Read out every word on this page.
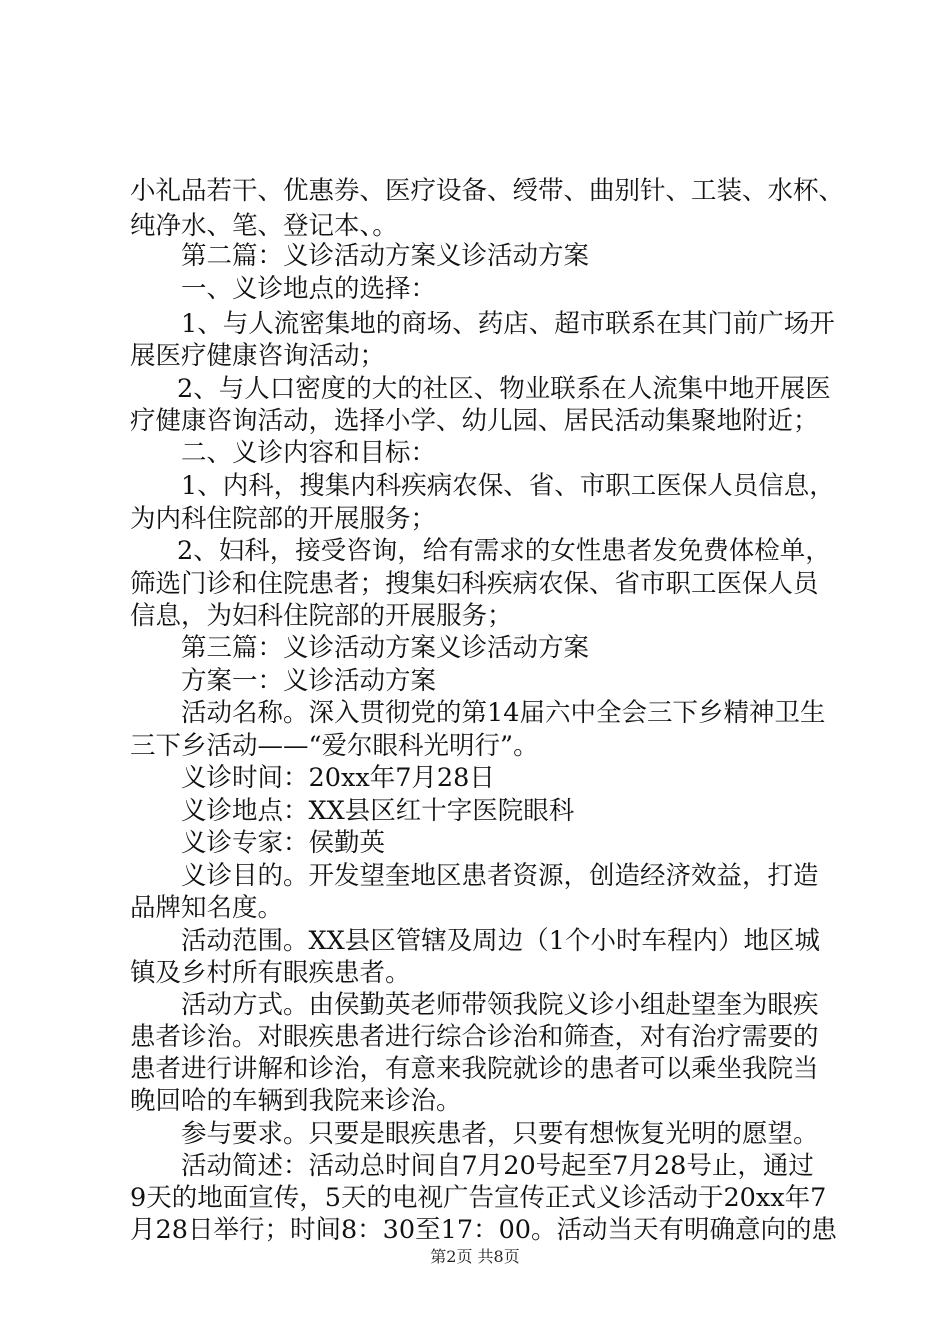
小礼品若干、优惠券、医疗设备、绶带、曲别针、工装、水杯、
纯净水、笔、登记本、。
第二篇：义诊活动方案义诊活动方案
一、义诊地点的选择：
1、与人流密集地的商场、药店、超市联系在其门前广场开
展医疗健康咨询活动；
2、与人口密度的大的社区、物业联系在人流集中地开展医
疗健康咨询活动，选择小学、幼儿园、居民活动集聚地附近；
二、义诊内容和目标：
1、内科，搜集内科疾病农保、省、市职工医保人员信息，
为内科住院部的开展服务；
2、妇科，接受咨询，给有需求的女性患者发免费体检单，
筛选门诊和住院患者；搜集妇科疾病农保、省市职工医保人员
信息，为妇科住院部的开展服务；
第三篇：义诊活动方案义诊活动方案
方案一：义诊活动方案
活动名称。深入贯彻党的第14届六中全会三下乡精神卫生
三下乡活动——“爱尔眼科光明行”。
义诊时间：20xx年7月28日
义诊地点：XX县区红十字医院眼科
义诊专家：侯勤英
义诊目的。开发望奎地区患者资源，创造经济效益，打造
品牌知名度。
活动范围。XX县区管辖及周边（1个小时车程内）地区城
镇及乡村所有眼疾患者。
活动方式。由侯勤英老师带领我院义诊小组赴望奎为眼疾
患者诊治。对眼疾患者进行综合诊治和筛查，对有治疗需要的
患者进行讲解和诊治，有意来我院就诊的患者可以乘坐我院当
晚回哈的车辆到我院来诊治。
参与要求。只要是眼疾患者，只要有想恢复光明的愿望。
活动简述：活动总时间自7月20号起至7月28号止，通过
9天的地面宣传，5天的电视广告宣传正式义诊活动于20xx年7
月28日举行；时间8：30至17：00。活动当天有明确意向的患
第2页 共8页
